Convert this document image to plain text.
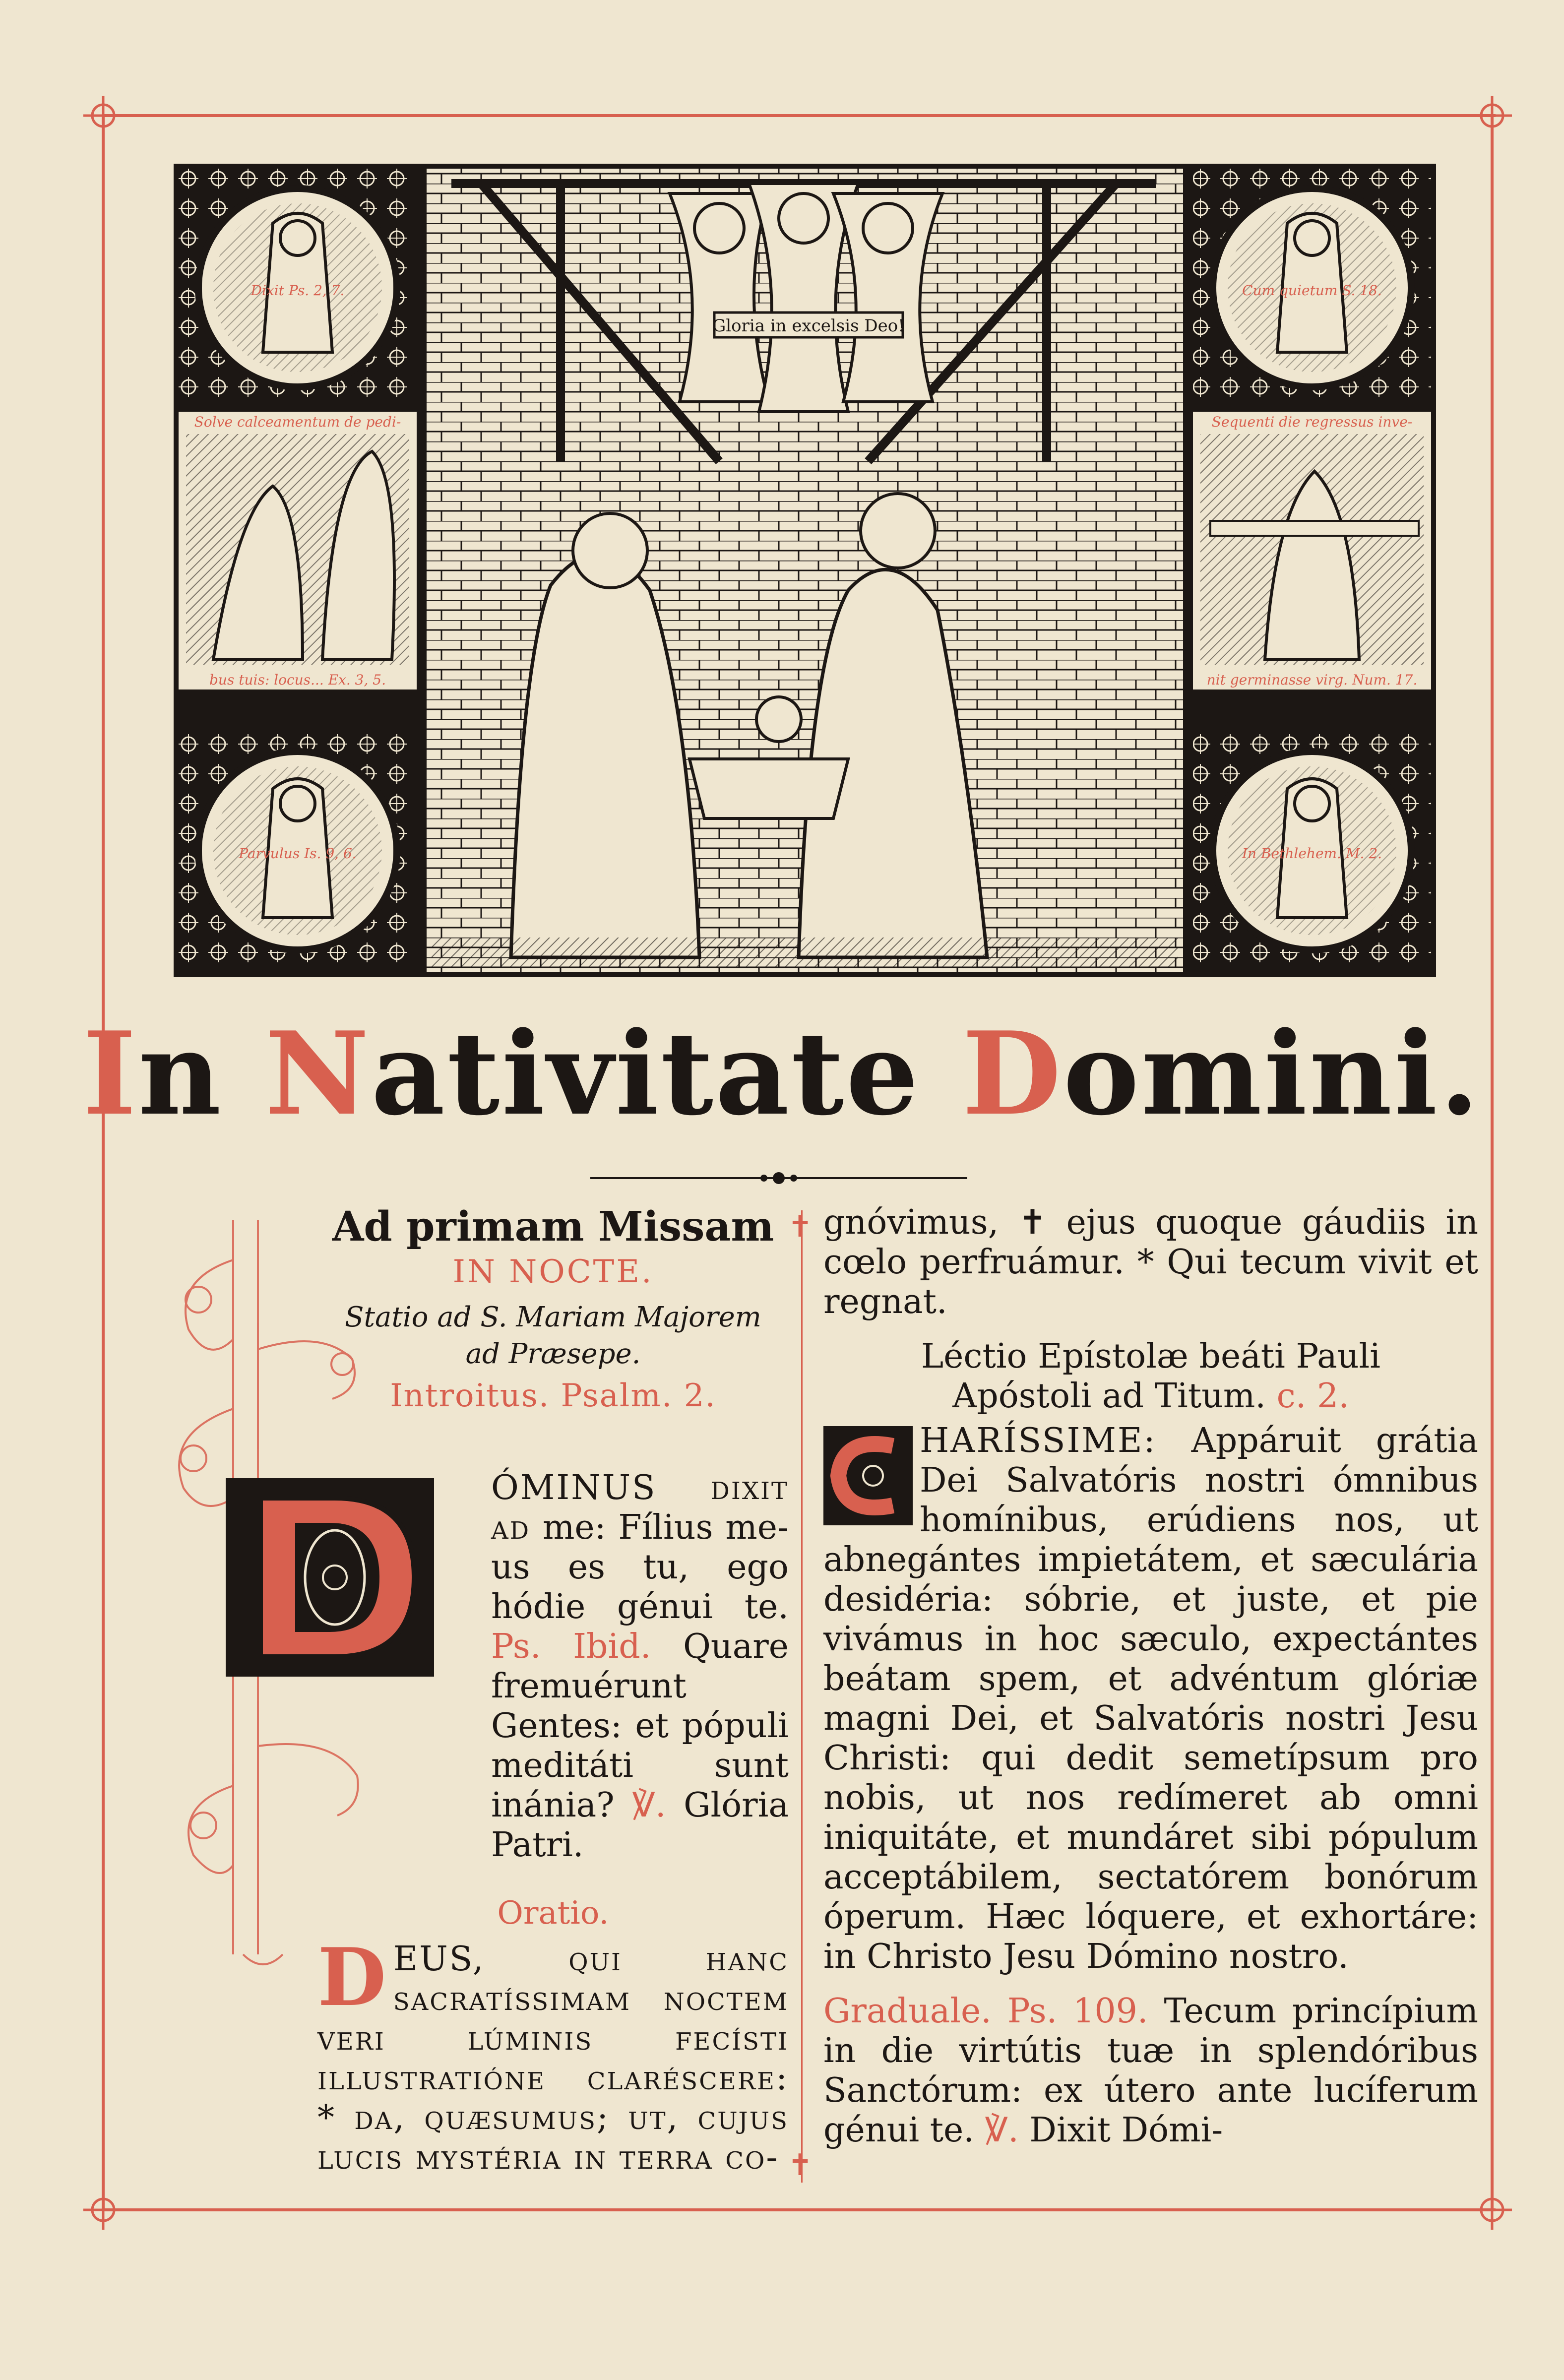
Gloria in excelsis Deo!
Dixit Ps. 2, 7.	Cum quietum S. 18.
Parvulus Is. 9, 6.	In Bethlehem. M. 2.
Solve calceamentum de pedi-
bus tuis: locus... Ex. 3, 5.
Sequenti die regressus inve-
nit germinasse virg. Num. 17.
In Nativitate Domini.

Ad primam Missam

IN NOCTE.

Statio ad S. Mariam Majorem
ad Præsepe.

Introitus. Psalm. 2.

ÓMINUS dixit ad me: Fílius me-us es tu, ego hódie génui te. Ps. Ibid. Quare fremuérunt Gentes: et pópuli meditáti sunt inánia? ℣. Glória Patri.

Oratio.

DEUS, qui hanc sacratíssimam noctem veri lúminis fecísti illustratióne claréscere: * da, quæsumus; ut, cujus lucis mystéria in terra co-

gnóvimus, ✝ ejus quoque gáudiis in cœlo perfruámur. * Qui tecum vivit et regnat.

Léctio Epístolæ beáti Pauli
Apóstoli ad Titum. c. 2.

HARÍSSIME: Appáruit grátia Dei Salvatóris nostri ómnibus homínibus, erúdiens nos, ut abnegántes impietátem, et sæculária desidéria: sóbrie, et juste, et pie vivámus in hoc sæculo, expectántes beátam spem, et advéntum glóriæ magni Dei, et Salvatóris nostri Jesu Christi: qui dedit semetípsum pro nobis, ut nos redímeret ab omni iniquitáte, et mundáret sibi pópulum acceptábilem, sectatórem bonórum óperum. Hæc lóquere, et exhortáre: in Christo Jesu Dómino nostro.

Graduale. Ps. 109. Tecum princípium in die virtútis tuæ in splendóribus Sanctórum: ex útero ante lucíferum génui te. ℣. Dixit Dómi-

✝
✝
